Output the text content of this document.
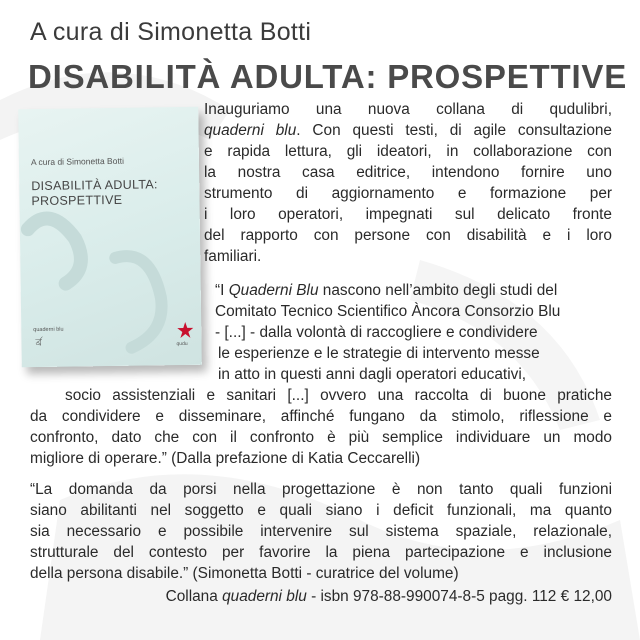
A cura di Simonetta Botti
DISABILITÀ ADULTA: PROSPETTIVE

A cura di Simonetta Botti

DISABILITÀ ADULTA:
PROSPETTIVE

quaderni blu
ৰ্ব্র	qudu

Inauguriamo una nuova collana di qudulibri,
quaderni blu. Con questi testi, di agile consultazione
e rapida lettura, gli ideatori, in collaborazione con
la nostra casa editrice, intendono fornire uno
strumento di aggiornamento e formazione per
i loro operatori, impegnati sul delicato fronte
del rapporto con persone con disabilità e i loro
familiari.

“I Quaderni Blu nascono nell’ambito degli studi del
Comitato Tecnico Scientifico Àncora Consorzio Blu
- [...] - dalla volontà di raccogliere e condividere
le esperienze e le strategie di intervento messe
in atto in questi anni dagli operatori educativi,

socio assistenziali e sanitari [...] ovvero una raccolta di buone pratiche

da condividere e disseminare, affinché fungano da stimolo, riflessione e
confronto, dato che con il confronto è più semplice individuare un modo
migliore di operare.” (Dalla prefazione di Katia Ceccarelli)

“La domanda da porsi nella progettazione è non tanto quali funzioni
siano abilitanti nel soggetto e quali siano i deficit funzionali, ma quanto
sia necessario e possibile intervenire sul sistema spaziale, relazionale,
strutturale del contesto per favorire la piena partecipazione e inclusione
della persona disabile.” (Simonetta Botti - curatrice del volume)

Collana quaderni blu - isbn 978-88-990074-8-5 pagg. 112 € 12,00
